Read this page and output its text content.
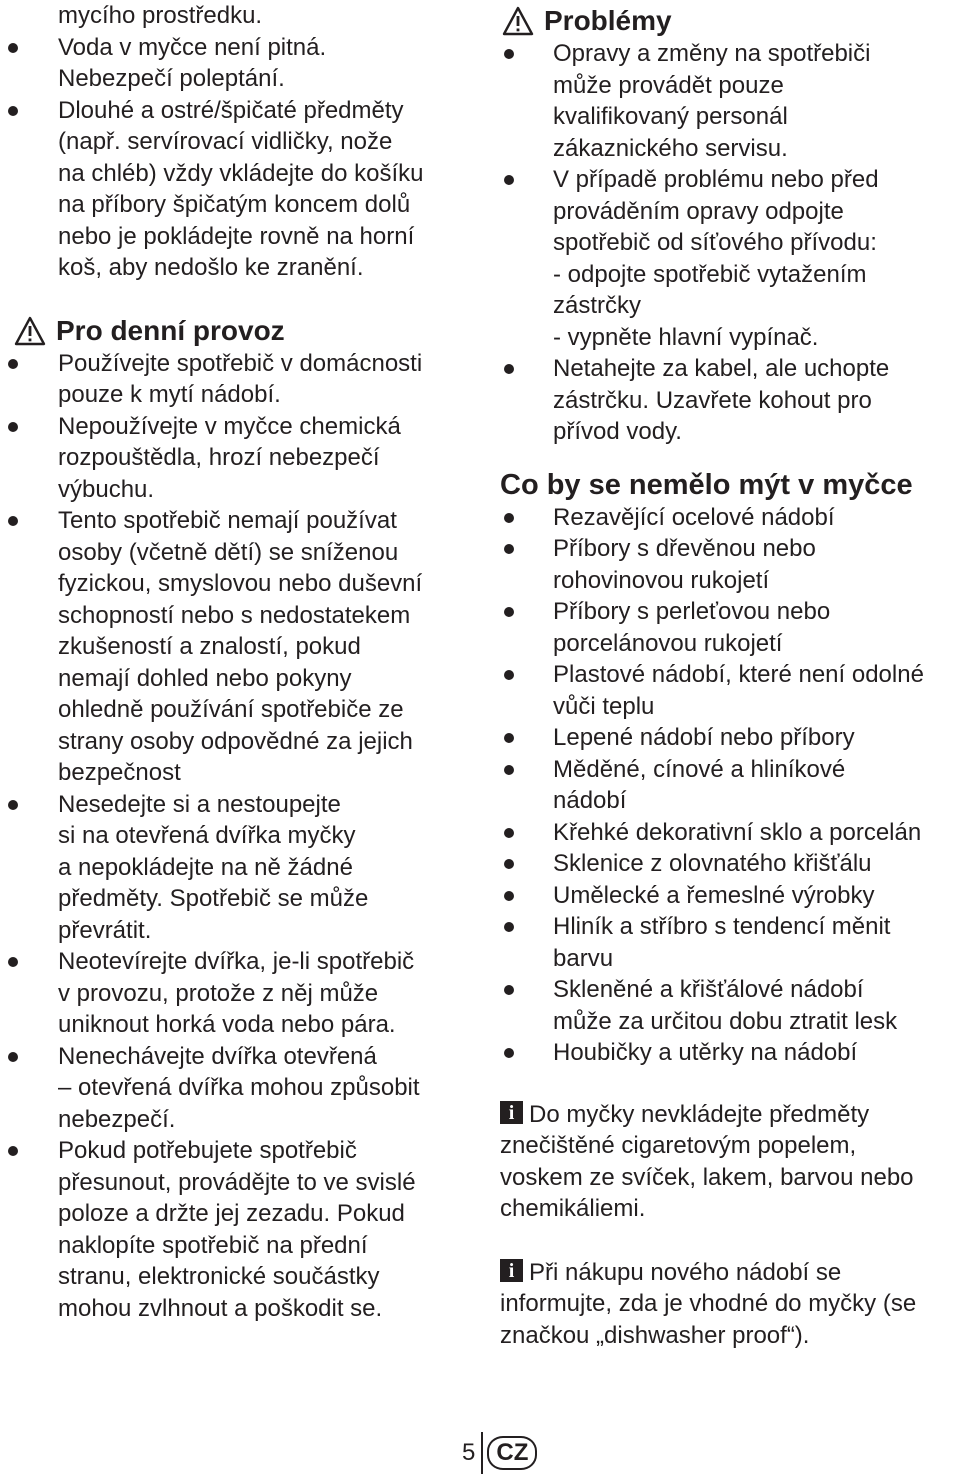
mycího prostředku.
Voda v myčce není pitná.
Nebezpečí poleptání.
Dlouhé a ostré/špičaté předměty
(např. servírovací vidličky, nože
na chléb) vždy vkládejte do košíku
na příbory špičatým koncem dolů
nebo je pokládejte rovně na horní
koš, aby nedošlo ke zranění.
Pro denní provoz
Používejte spotřebič v domácnosti
pouze k mytí nádobí.
Nepoužívejte v myčce chemická
rozpouštědla, hrozí nebezpečí
výbuchu.
Tento spotřebič nemají používat
osoby (včetně dětí) se sníženou
fyzickou, smyslovou nebo duševní
schopností nebo s nedostatekem
zkušeností a znalostí, pokud
nemají dohled nebo pokyny
ohledně používání spotřebiče ze
strany osoby odpovědné za jejich
bezpečnost
Nesedejte si a nestoupejte
si na otevřená dvířka myčky
a nepokládejte na ně žádné
předměty. Spotřebič se může
převrátit.
Neotevírejte dvířka, je-li spotřebič
v provozu, protože z něj může
uniknout horká voda nebo pára.
Nenechávejte dvířka otevřená
– otevřená dvířka mohou způsobit
nebezpečí.
Pokud potřebujete spotřebič
přesunout, provádějte to ve svislé
poloze a držte jej zezadu. Pokud
naklopíte spotřebič na přední
stranu, elektronické součástky
mohou zvlhnout a poškodit se.
Problémy
Opravy a změny na spotřebiči
může provádět pouze
kvalifikovaný personál
zákaznického servisu.
V případě problému nebo před
prováděním opravy odpojte
spotřebič od síťového přívodu:
- odpojte spotřebič vytažením
zástrčky
- vypněte hlavní vypínač.
Netahejte za kabel, ale uchopte
zástrčku. Uzavřete kohout pro
přívod vody.
Co by se nemělo mýt v myčce
Rezavějící ocelové nádobí
Příbory s dřevěnou nebo
rohovinovou rukojetí
Příbory s perleťovou nebo
porcelánovou rukojetí
Plastové nádobí, které není odolné
vůči teplu
Lepené nádobí nebo příbory
Měděné, cínové a hliníkové
nádobí
Křehké dekorativní sklo a porcelán
Sklenice z olovnatého křišťálu
Umělecké a řemeslné výrobky
Hliník a stříbro s tendencí měnit
barvu
Skleněné a křišťálové nádobí
může za určitou dobu ztratit lesk
Houbičky a utěrky na nádobí
i Do myčky nevkládejte předměty
znečištěné cigaretovým popelem,
voskem ze svíček, lakem, barvou nebo
chemikáliemi.
i Při nákupu nového nádobí se
informujte, zda je vhodné do myčky (se
značkou „dishwasher proof“).
5 CZ
